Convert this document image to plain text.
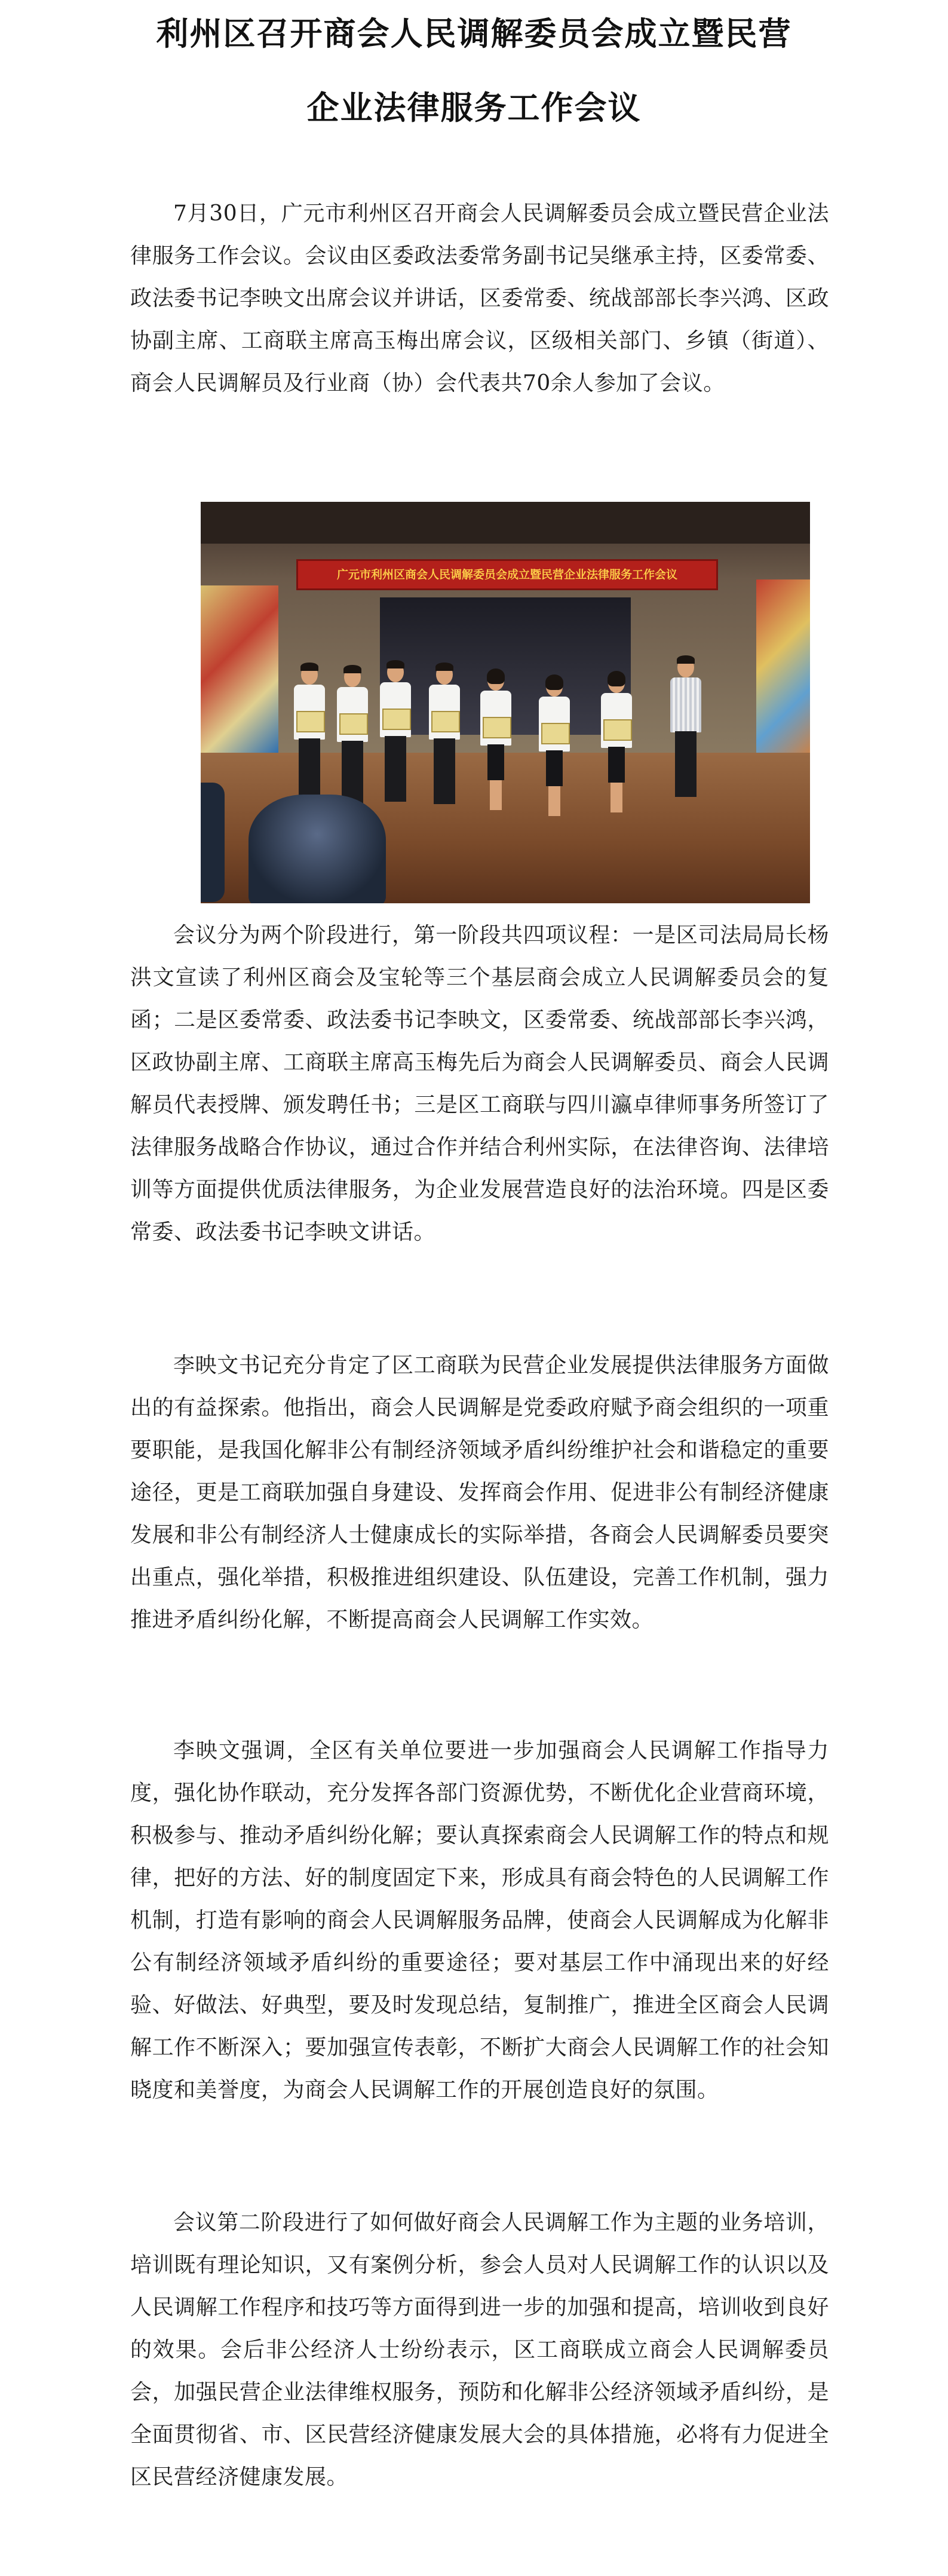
利州区召开商会人民调解委员会成立暨民营
企业法律服务工作会议

7月30日，广元市利州区召开商会人民调解委员会成立暨民营企业法律服务工作会议。会议由区委政法委常务副书记吴继承主持，区委常委、政法委书记李映文出席会议并讲话，区委常委、统战部部长李兴鸿、区政协副主席、工商联主席高玉梅出席会议，区级相关部门、乡镇（街道）、商会人民调解员及行业商（协）会代表共70余人参加了会议。

广元市利州区商会人民调解委员会成立暨民营企业法律服务工作会议

会议分为两个阶段进行，第一阶段共四项议程：一是区司法局局长杨洪文宣读了利州区商会及宝轮等三个基层商会成立人民调解委员会的复函；二是区委常委、政法委书记李映文，区委常委、统战部部长李兴鸿，区政协副主席、工商联主席高玉梅先后为商会人民调解委员、商会人民调解员代表授牌、颁发聘任书；三是区工商联与四川瀛卓律师事务所签订了法律服务战略合作协议，通过合作并结合利州实际，在法律咨询、法律培训等方面提供优质法律服务，为企业发展营造良好的法治环境。四是区委常委、政法委书记李映文讲话。

李映文书记充分肯定了区工商联为民营企业发展提供法律服务方面做出的有益探索。他指出，商会人民调解是党委政府赋予商会组织的一项重要职能，是我国化解非公有制经济领域矛盾纠纷维护社会和谐稳定的重要途径，更是工商联加强自身建设、发挥商会作用、促进非公有制经济健康发展和非公有制经济人士健康成长的实际举措，各商会人民调解委员要突出重点，强化举措，积极推进组织建设、队伍建设，完善工作机制，强力推进矛盾纠纷化解，不断提高商会人民调解工作实效。

李映文强调，全区有关单位要进一步加强商会人民调解工作指导力度，强化协作联动，充分发挥各部门资源优势，不断优化企业营商环境，积极参与、推动矛盾纠纷化解；要认真探索商会人民调解工作的特点和规律，把好的方法、好的制度固定下来，形成具有商会特色的人民调解工作机制，打造有影响的商会人民调解服务品牌，使商会人民调解成为化解非公有制经济领域矛盾纠纷的重要途径；要对基层工作中涌现出来的好经验、好做法、好典型，要及时发现总结，复制推广，推进全区商会人民调解工作不断深入；要加强宣传表彰，不断扩大商会人民调解工作的社会知晓度和美誉度，为商会人民调解工作的开展创造良好的氛围。

会议第二阶段进行了如何做好商会人民调解工作为主题的业务培训，培训既有理论知识，又有案例分析，参会人员对人民调解工作的认识以及人民调解工作程序和技巧等方面得到进一步的加强和提高，培训收到良好的效果。会后非公经济人士纷纷表示，区工商联成立商会人民调解委员会，加强民营企业法律维权服务，预防和化解非公经济领域矛盾纠纷，是全面贯彻省、市、区民营经济健康发展大会的具体措施，必将有力促进全区民营经济健康发展。
